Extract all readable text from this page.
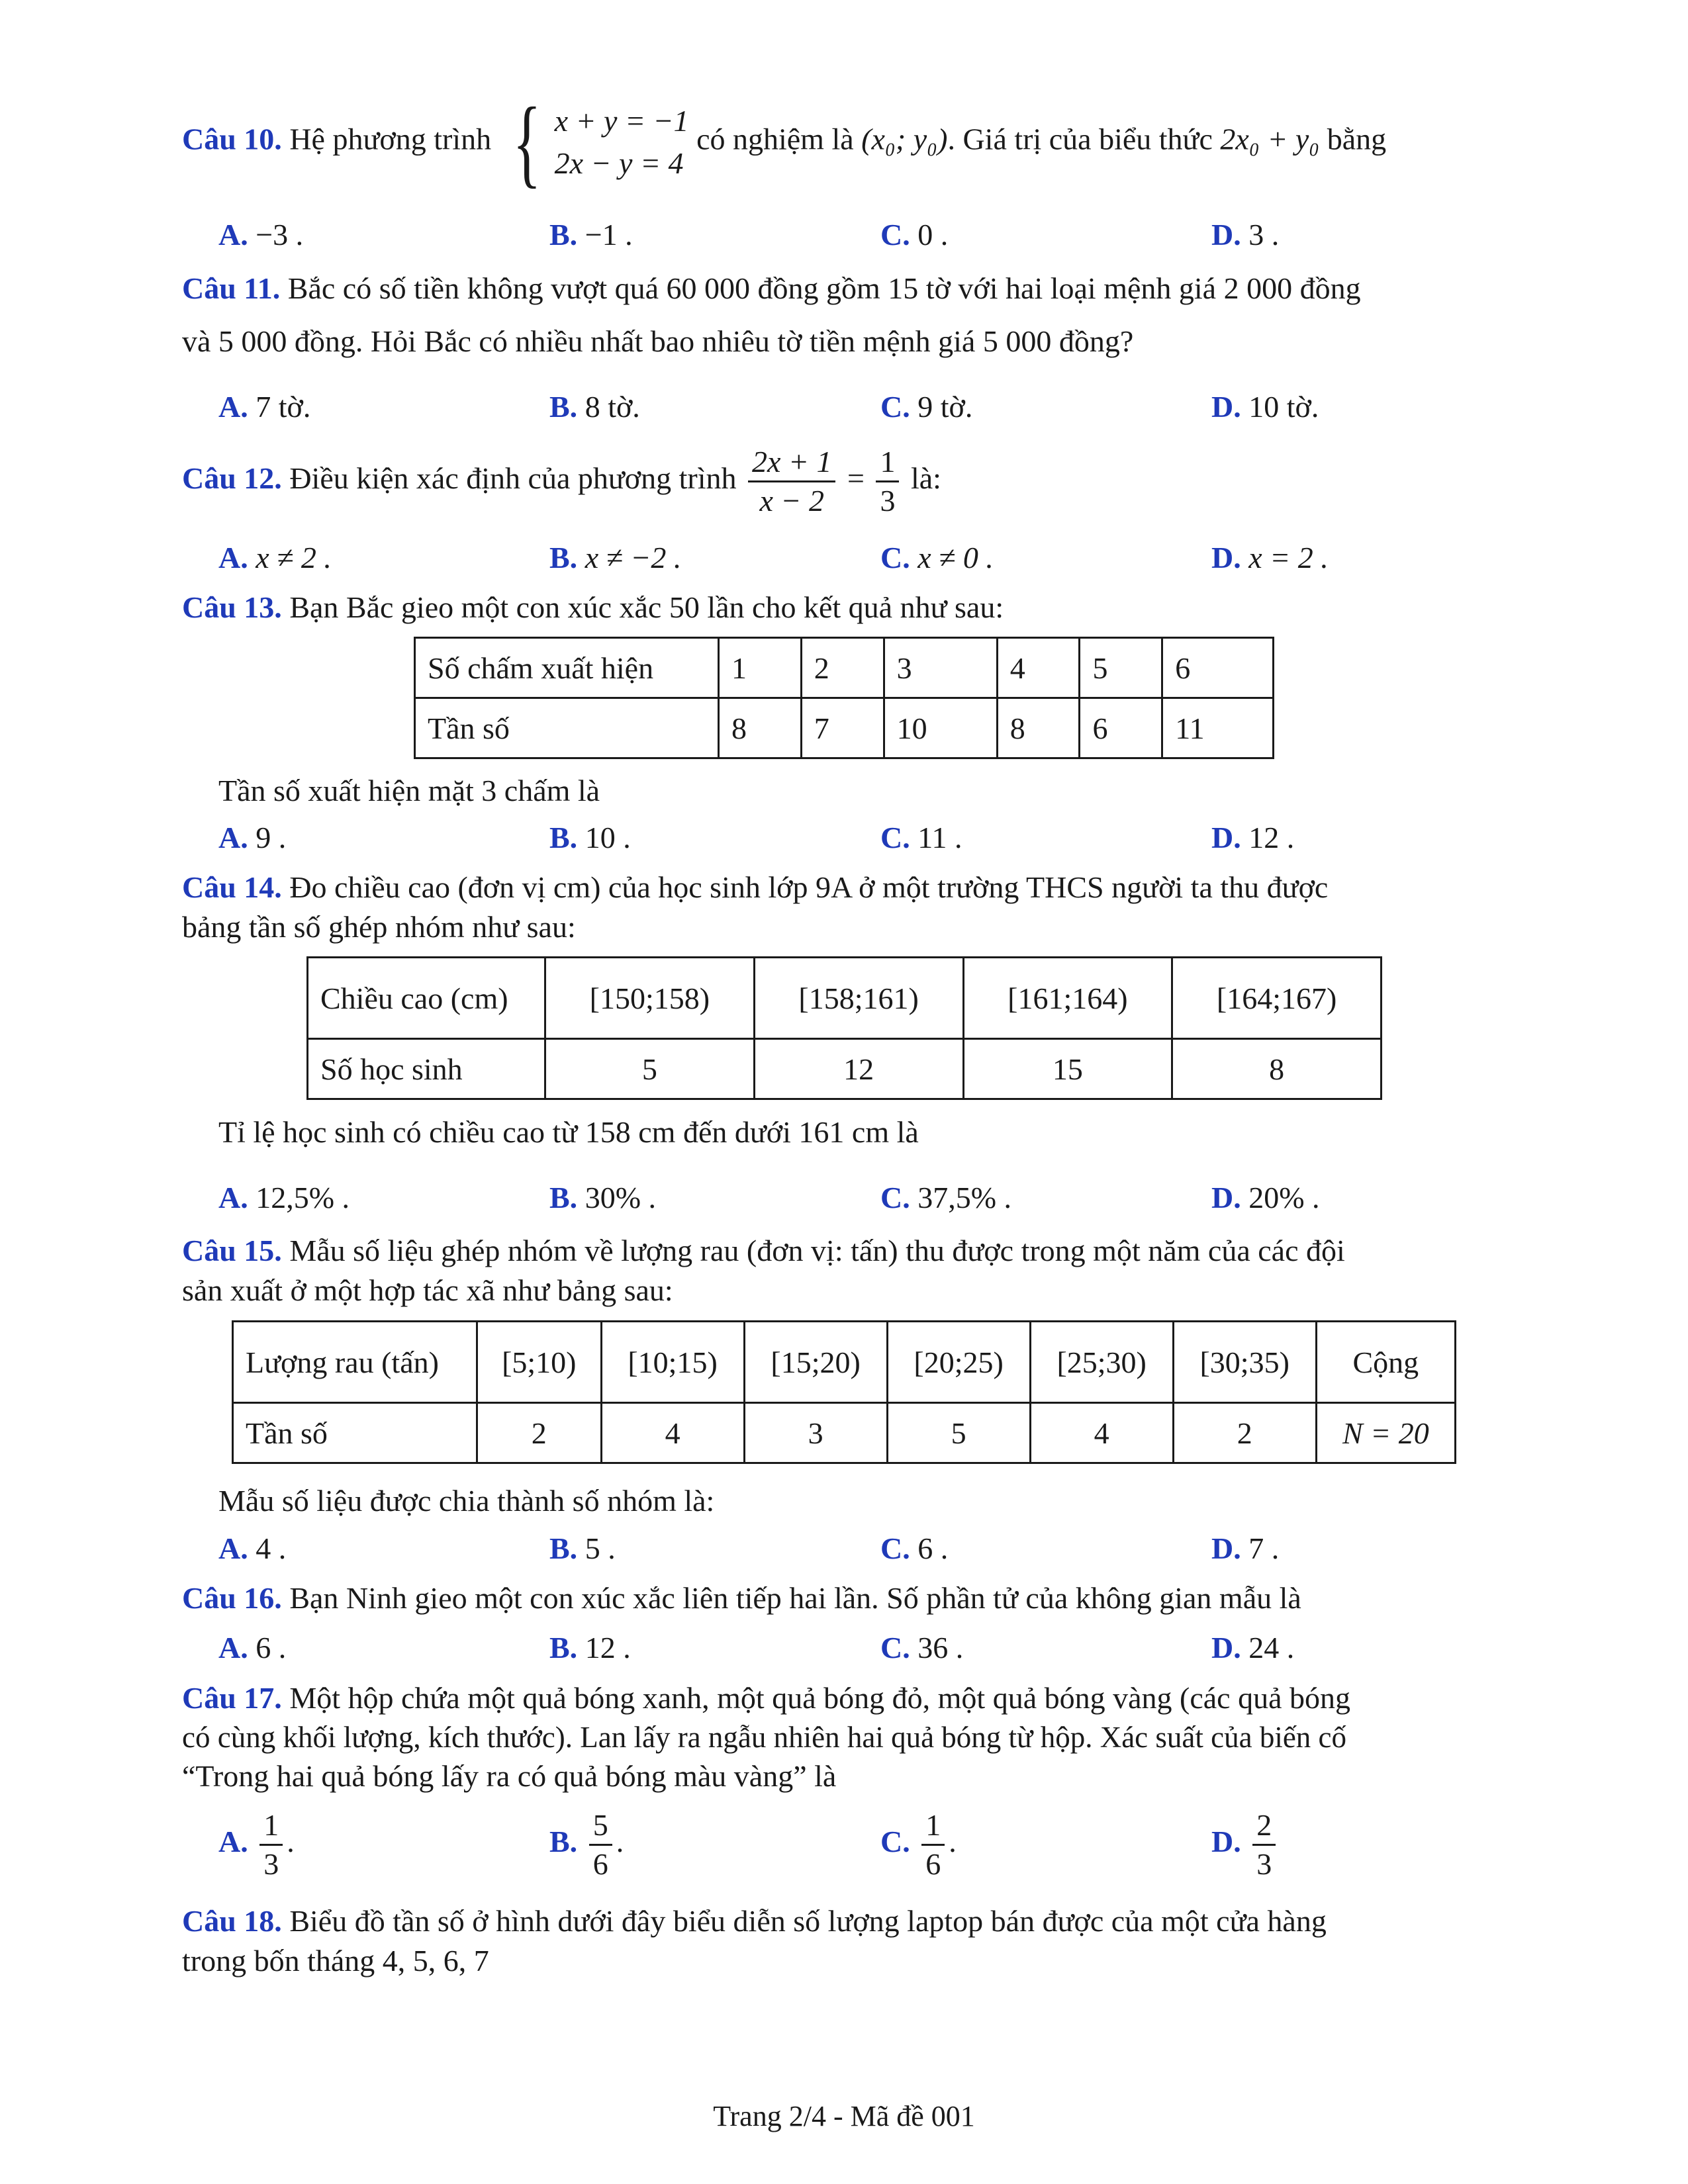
Câu 10. Hệ phương trình { x + y = −1
2x − y = 4
có nghiệm là (x₀; y₀). Giá trị của biểu thức 2x₀ + y₀ bằng
A. −3 .	B. −1 .	C. 0 .	D. 3 .
Câu 11. Bắc có số tiền không vượt quá 60 000 đồng gồm 15 tờ với hai loại mệnh giá 2 000 đồng
và 5 000 đồng. Hỏi Bắc có nhiều nhất bao nhiêu tờ tiền mệnh giá 5 000 đồng?
A. 7 tờ.	B. 8 tờ.	C. 9 tờ.	D. 10 tờ.
Câu 12. Điều kiện xác định của phương trình $\frac{2x + 1}{x - 2} = \frac{1}{3}$ là:
A. x ≠ 2 .	B. x ≠ −2 .	C. x ≠ 0 .	D. x = 2 .
Câu 13. Bạn Bắc gieo một con xúc xắc 50 lần cho kết quả như sau:
Số chấm xuất hiện	1	2	3	4	5	6
Tần số	8	7	10	8	6	11
Tần số xuất hiện mặt 3 chấm là
A. 9 .	B. 10 .	C. 11 .	D. 12 .
Câu 14. Đo chiều cao (đơn vị cm) của học sinh lớp 9A ở một trường THCS người ta thu được
bảng tần số ghép nhóm như sau:
Chiều cao (cm)	[150;158)	[158;161)	[161;164)	[164;167)
Số học sinh	5	12	15	8
Tỉ lệ học sinh có chiều cao từ 158 cm đến dưới 161 cm là
A. 12,5% .	B. 30% .	C. 37,5% .	D. 20% .
Câu 15. Mẫu số liệu ghép nhóm về lượng rau (đơn vị: tấn) thu được trong một năm của các đội
sản xuất ở một hợp tác xã như bảng sau:
Lượng rau (tấn)	[5;10)	[10;15)	[15;20)	[20;25)	[25;30)	[30;35)	Cộng
Tần số	2	4	3	5	4	2	N = 20
Mẫu số liệu được chia thành số nhóm là:
A. 4 .	B. 5 .	C. 6 .	D. 7 .
Câu 16. Bạn Ninh gieo một con xúc xắc liên tiếp hai lần. Số phần tử của không gian mẫu là
A. 6 .	B. 12 .	C. 36 .	D. 24 .
Câu 17. Một hộp chứa một quả bóng xanh, một quả bóng đỏ, một quả bóng vàng (các quả bóng
có cùng khối lượng, kích thước). Lan lấy ra ngẫu nhiên hai quả bóng từ hộp. Xác suất của biến cố
“Trong hai quả bóng lấy ra có quả bóng màu vàng” là
A. $\frac{1}{3}$ .	B. $\frac{5}{6}$ .	C. $\frac{1}{6}$ .	D. $\frac{2}{3}$
Câu 18. Biểu đồ tần số ở hình dưới đây biểu diễn số lượng laptop bán được của một cửa hàng
trong bốn tháng 4, 5, 6, 7
Trang 2/4 - Mã đề 001
